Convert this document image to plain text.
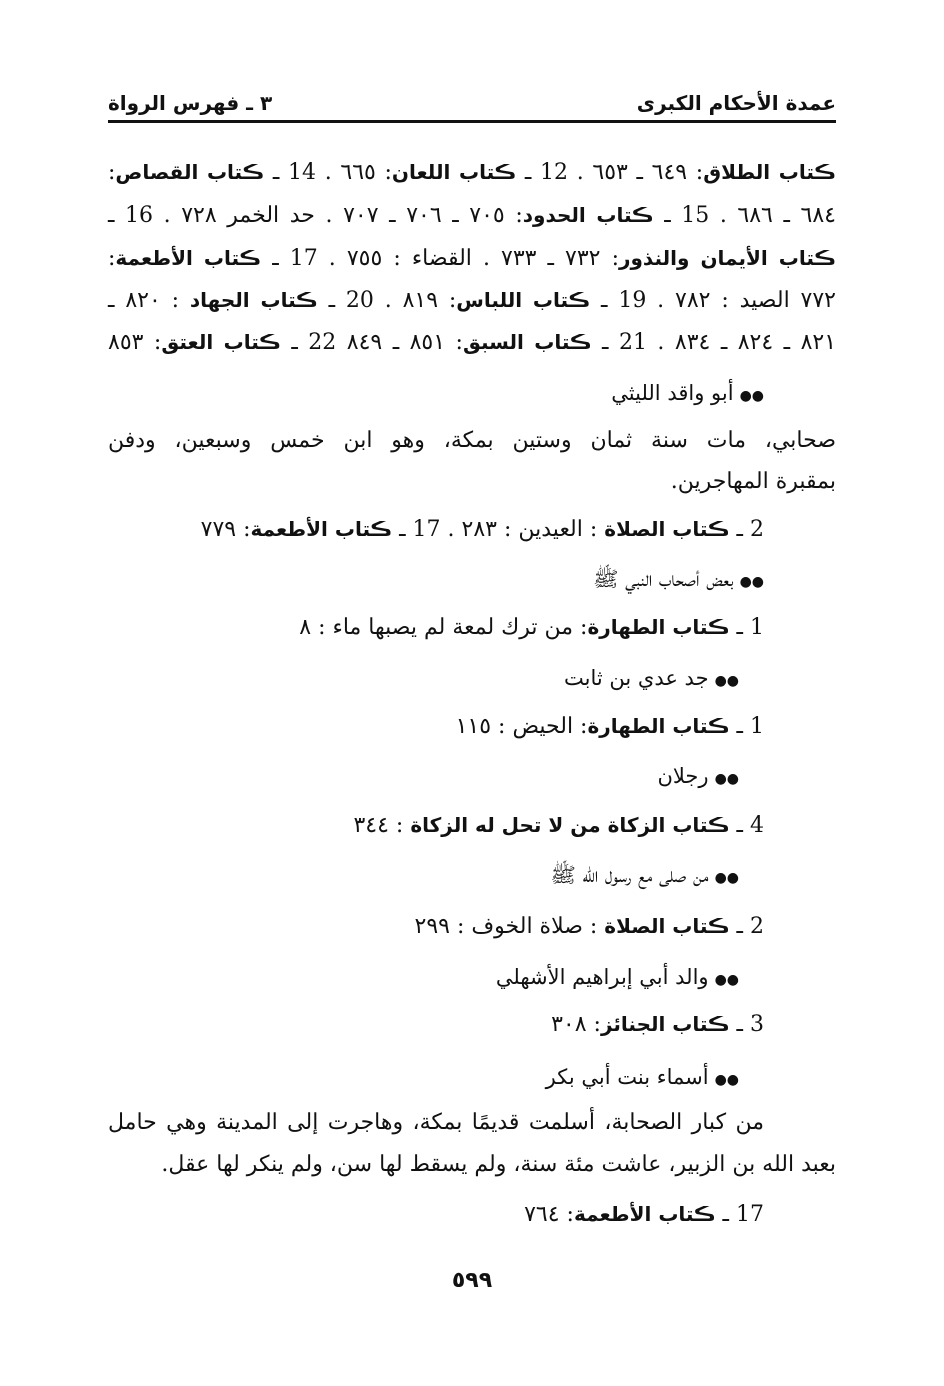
عمدة الأحكام الكبرى
٣ ـ فهرس الرواة
ڪتاب الطلاق: ٦٤٩ ـ ٦٥٣ . 12 ـ ڪتاب اللعان: ٦٦٥ . 14 ـ ڪتاب القصاص:
٦٨٤ ـ ٦٨٦ . 15 ـ ڪتاب الحدود: ٧٠٥ ـ ٧٠٦ ـ ٧٠٧ . حد الخمر ٧٢٨ . 16 ـ
ڪتاب الأيمان والنذور: ٧٣٢ ـ ٧٣٣ . القضاء : ٧٥٥ . 17 ـ ڪتاب الأطعمة:
٧٧٢ الصيد : ٧٨٢ . 19 ـ ڪتاب اللباس: ٨١٩ . 20 ـ ڪتاب الجهاد : ٨٢٠ ـ
٨٢١ ـ ٨٢٤ ـ ٨٣٤ . 21 ـ ڪتاب السبق: ٨٥١ ـ ٨٤٩ 22 ـ ڪتاب العتق: ٨٥٣
●●أبو واقد الليثي
صحابي، مات سنة ثمان وستين بمكة، وهو ابن خمس وسبعين، ودفن
بمقبرة المهاجرين.
2 ـ ڪتاب الصلاة : العيدين : ٢٨٣ . 17 ـ ڪتاب الأطعمة: ٧٧٩
●●بعض أصحاب النبي ﷺ
1 ـ ڪتاب الطهارة: من ترك لمعة لم يصبها ماء : ٨
●●جد عدي بن ثابت
1 ـ ڪتاب الطهارة: الحيض : ١١٥
●●رجلان
4 ـ ڪتاب الزكاة من لا تحل له الزكاة : ٣٤٤
●●من صلى مع رسول الله ﷺ
2 ـ ڪتاب الصلاة : صلاة الخوف : ٢٩٩
●●والد أبي إبراهيم الأشهلي
3 ـ ڪتاب الجنائز: ٣٠٨
●●أسماء بنت أبي بكر
من كبار الصحابة، أسلمت قديمًا بمكة، وهاجرت إلى المدينة وهي حامل
بعبد الله بن الزبير، عاشت مئة سنة، ولم يسقط لها سن، ولم ينكر لها عقل.
17 ـ ڪتاب الأطعمة: ٧٦٤
٥٩٩
